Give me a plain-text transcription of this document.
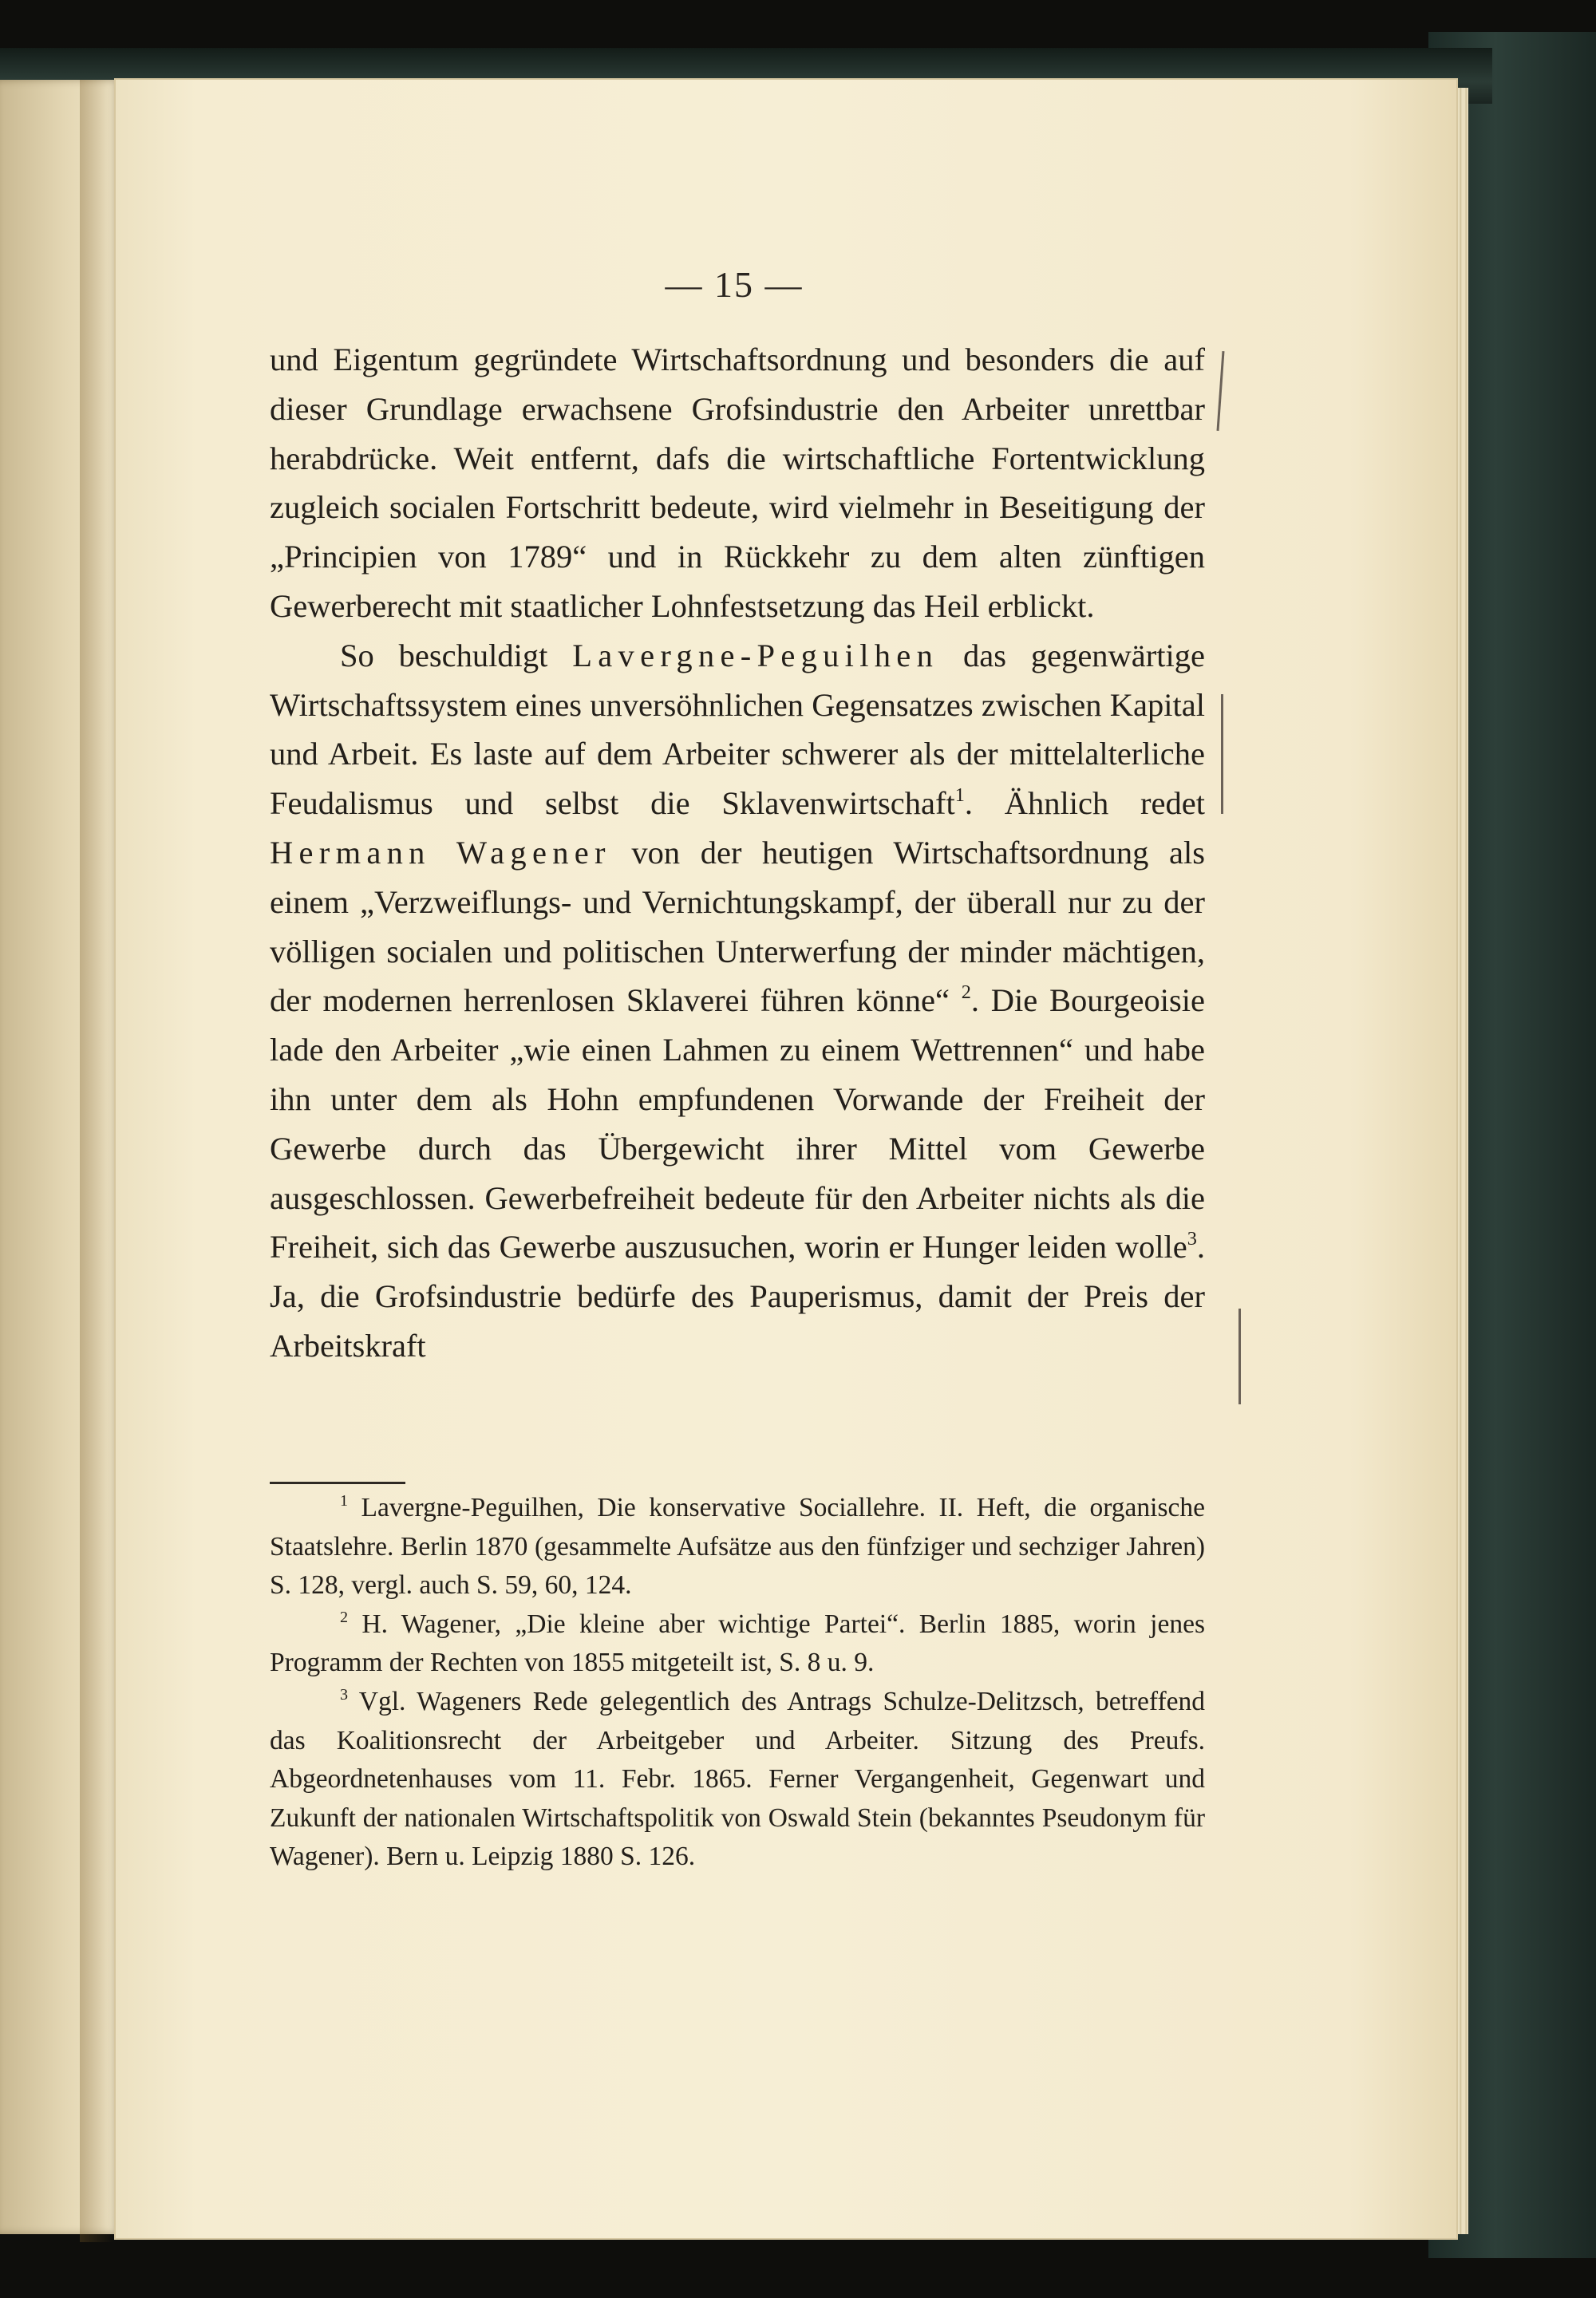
— 15 —

und Eigentum gegründete Wirtschaftsordnung und besonders die auf dieser Grundlage erwachsene Grofsindustrie den Arbeiter unrettbar herabdrücke. Weit entfernt, dafs die wirtschaftliche Fortentwicklung zugleich socialen Fortschritt bedeute, wird vielmehr in Beseitigung der „Principien von 1789“ und in Rückkehr zu dem alten zünftigen Gewerberecht mit staatlicher Lohnfestsetzung das Heil erblickt.

So beschuldigt Lavergne-Peguilhen das gegenwärtige Wirtschaftssystem eines unversöhnlichen Gegensatzes zwischen Kapital und Arbeit. Es laste auf dem Arbeiter schwerer als der mittelalterliche Feudalismus und selbst die Sklavenwirtschaft$^1$. Ähnlich redet Hermann Wagener von der heutigen Wirtschaftsordnung als einem „Verzweiflungs- und Vernichtungskampf, der überall nur zu der völligen socialen und politischen Unterwerfung der minder mächtigen, der modernen herrenlosen Sklaverei führen könne“ $^2$. Die Bourgeoisie lade den Arbeiter „wie einen Lahmen zu einem Wettrennen“ und habe ihn unter dem als Hohn empfundenen Vorwande der Freiheit der Gewerbe durch das Übergewicht ihrer Mittel vom Gewerbe ausgeschlossen. Gewerbefreiheit bedeute für den Arbeiter nichts als die Freiheit, sich das Gewerbe auszusuchen, worin er Hunger leiden wolle$^3$. Ja, die Grofsindustrie bedürfe des Pauperismus, damit der Preis der Arbeitskraft

$^1$ Lavergne-Peguilhen, Die konservative Sociallehre. II. Heft, die organische Staatslehre. Berlin 1870 (gesammelte Aufsätze aus den fünfziger und sechziger Jahren) S. 128, vergl. auch S. 59, 60, 124.

$^2$ H. Wagener, „Die kleine aber wichtige Partei“. Berlin 1885, worin jenes Programm der Rechten von 1855 mitgeteilt ist, S. 8 u. 9.

$^3$ Vgl. Wageners Rede gelegentlich des Antrags Schulze-Delitzsch, betreffend das Koalitionsrecht der Arbeitgeber und Arbeiter. Sitzung des Preufs. Abgeordnetenhauses vom 11. Febr. 1865. Ferner Vergangenheit, Gegenwart und Zukunft der nationalen Wirtschaftspolitik von Oswald Stein (bekanntes Pseudonym für Wagener). Bern u. Leipzig 1880 S. 126.
